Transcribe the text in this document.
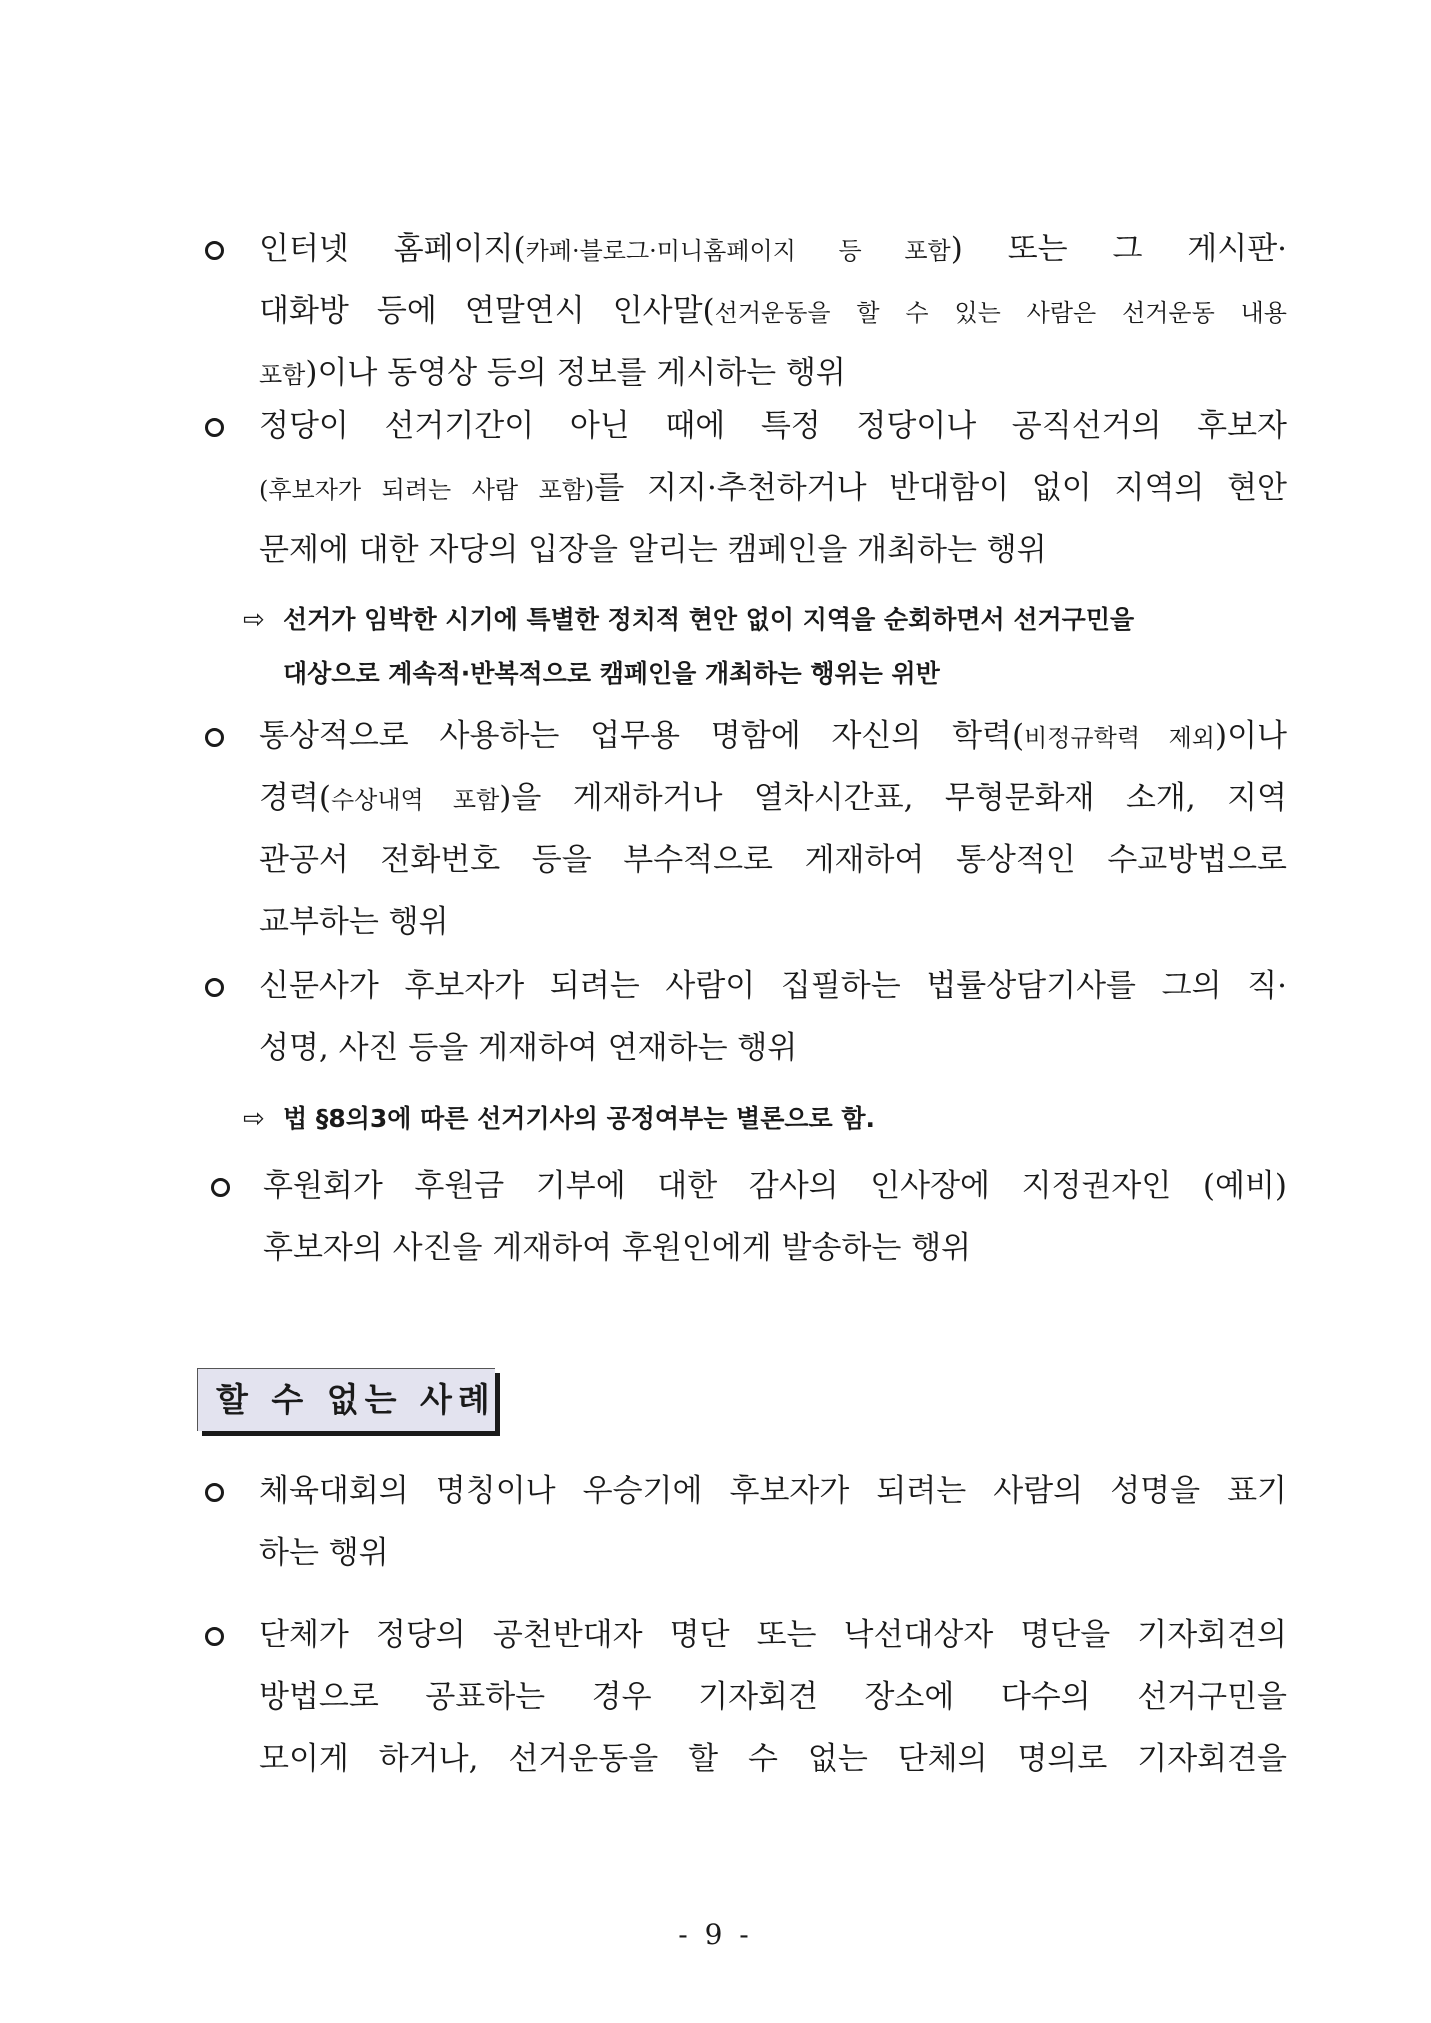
인터넷 홈페이지(카페·블로그·미니홈페이지 등 포함) 또는 그 게시판·
대화방 등에 연말연시 인사말(선거운동을 할 수 있는 사람은 선거운동 내용
포함)이나 동영상 등의 정보를 게시하는 행위
정당이 선거기간이 아닌 때에 특정 정당이나 공직선거의 후보자
(후보자가 되려는 사람 포함)를 지지·추천하거나 반대함이 없이 지역의 현안
문제에 대한 자당의 입장을 알리는 캠페인을 개최하는 행위
⇨ 선거가 임박한 시기에 특별한 정치적 현안 없이 지역을 순회하면서 선거구민을
대상으로 계속적·반복적으로 캠페인을 개최하는 행위는 위반
통상적으로 사용하는 업무용 명함에 자신의 학력(비정규학력 제외)이나
경력(수상내역 포함)을 게재하거나 열차시간표, 무형문화재 소개, 지역
관공서 전화번호 등을 부수적으로 게재하여 통상적인 수교방법으로
교부하는 행위
신문사가 후보자가 되려는 사람이 집필하는 법률상담기사를 그의 직·
성명, 사진 등을 게재하여 연재하는 행위
⇨ 법 §8의3에 따른 선거기사의 공정여부는 별론으로 함.
후원회가 후원금 기부에 대한 감사의 인사장에 지정권자인 (예비)
후보자의 사진을 게재하여 후원인에게 발송하는 행위
할 수 없는 사례
체육대회의 명칭이나 우승기에 후보자가 되려는 사람의 성명을 표기
하는 행위
단체가 정당의 공천반대자 명단 또는 낙선대상자 명단을 기자회견의
방법으로 공표하는 경우 기자회견 장소에 다수의 선거구민을
모이게 하거나, 선거운동을 할 수 없는 단체의 명의로 기자회견을
- 9 -
